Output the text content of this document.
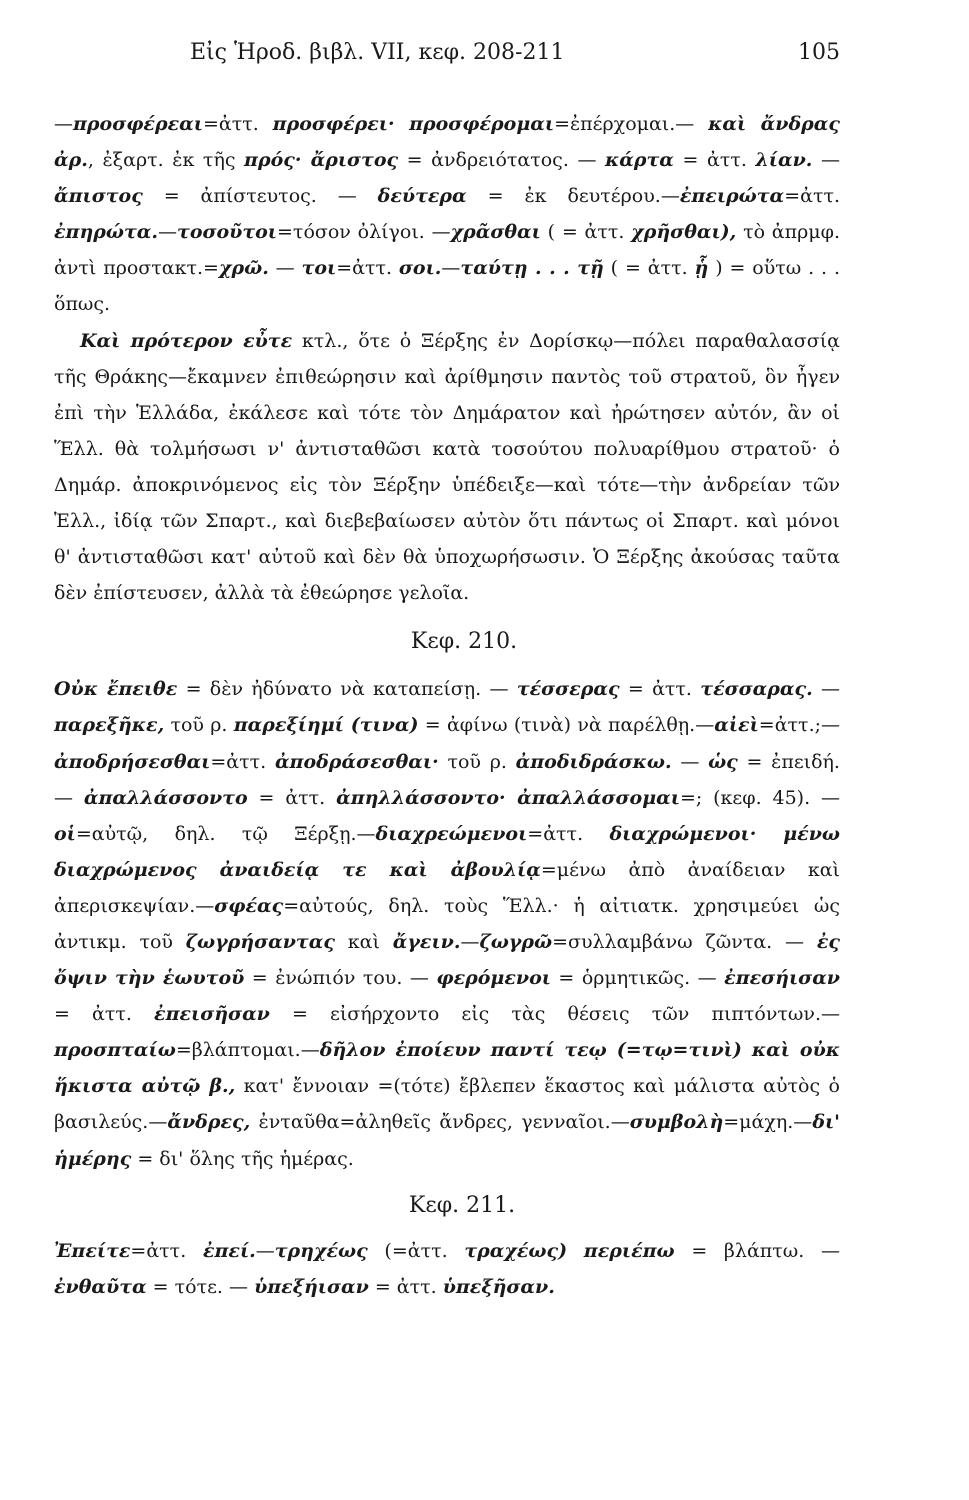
Εἰς Ἡροδ. βιβλ. VII, κεφ. 208-211	105

—προσφέρεαι=ἀττ. προσφέρει· προσφέρομαι=ἐπέρχομαι.— καὶ ἄνδρας ἀρ., ἐξαρτ. ἐκ τῆς πρός· ἄριστος = ἀνδρειότατος. — κάρτα = ἀττ. λίαν. — ἄπιστος = ἀπίστευτος. — δεύτερα = ἐκ δευτέρου.—ἐπειρώτα=ἀττ. ἐπηρώτα.—τοσοῦτοι=τόσον ὀλίγοι. —χρᾶσθαι ( = ἀττ. χρῆσθαι), τὸ ἀπρμφ. ἀντὶ προστακτ.=χρῶ. — τοι=ἀττ. σοι.—ταύτῃ . . . τῇ ( = ἀττ. ᾗ ) = οὕτω . . . ὅπως.

Καὶ πρότερον εὖτε κτλ., ὅτε ὁ Ξέρξης ἐν Δορίσκῳ—πόλει παραθαλασσίᾳ τῆς Θράκης—ἔκαμνεν ἐπιθεώρησιν καὶ ἀρίθμησιν παντὸς τοῦ στρατοῦ, ὃν ἦγεν ἐπὶ τὴν Ἑλλάδα, ἐκάλεσε καὶ τότε τὸν Δημάρατον καὶ ἠρώτησεν αὐτόν, ἂν οἱ Ἕλλ. θὰ τολμήσωσι ν' ἀντισταθῶσι κατὰ τοσούτου πολυαρίθμου στρατοῦ· ὁ Δημάρ. ἀποκρινόμενος εἰς τὸν Ξέρξην ὑπέδειξε—καὶ τότε—τὴν ἀνδρείαν τῶν Ἑλλ., ἰδίᾳ τῶν Σπαρτ., καὶ διεβεβαίωσεν αὐτὸν ὅτι πάντως οἱ Σπαρτ. καὶ μόνοι θ' ἀντισταθῶσι κατ' αὐτοῦ καὶ δὲν θὰ ὑποχωρήσωσιν. Ὁ Ξέρξης ἀκούσας ταῦτα δὲν ἐπίστευσεν, ἀλλὰ τὰ ἐθεώρησε γελοῖα.

Κεφ. 210.

Οὐκ ἔπειθε = δὲν ἠδύνατο νὰ καταπείσῃ. — τέσσερας = ἀττ. τέσσαρας. — παρεξῆκε, τοῦ ρ. παρεξίημί (τινα) = ἀφίνω (τινὰ) νὰ παρέλθῃ.—αἰεὶ=ἀττ.;—ἀποδρήσεσθαι=ἀττ. ἀποδράσεσθαι· τοῦ ρ. ἀποδιδράσκω. — ὡς = ἐπειδή. — ἀπαλλάσσοντο = ἀττ. ἀπηλλάσσοντο· ἀπαλλάσσομαι=; (κεφ. 45). —οἱ=αὐτῷ, δηλ. τῷ Ξέρξῃ.—διαχρεώμενοι=ἀττ. διαχρώμενοι· μένω διαχρώμενος ἀναιδείᾳ τε καὶ ἀβουλίᾳ=μένω ἀπὸ ἀναίδειαν καὶ ἀπερισκεψίαν.—σφέας=αὐτούς, δηλ. τοὺς Ἕλλ.· ἡ αἰτιατκ. χρησιμεύει ὡς ἀντικμ. τοῦ ζωγρήσαντας καὶ ἄγειν.—ζωγρῶ=συλλαμβάνω ζῶντα. — ἐς ὄψιν τὴν ἑωυτοῦ = ἐνώπιόν του. — φερόμενοι = ὁρμητικῶς. — ἐπεσήισαν = ἀττ. ἐπεισῆσαν = εἰσήρχοντο εἰς τὰς θέσεις τῶν πιπτόντων.—προσπταίω=βλάπτομαι.—δῆλον ἐποίευν παντί τεῳ (=τῳ=τινὶ) καὶ οὐκ ἥκιστα αὐτῷ β., κατ' ἔννοιαν =(τότε) ἔβλεπεν ἕκαστος καὶ μάλιστα αὐτὸς ὁ βασιλεύς.—ἄνδρες, ἐνταῦθα=ἀληθεῖς ἄνδρες, γενναῖοι.—συμβολὴ=μάχη.—δι' ἡμέρης = δι' ὅλης τῆς ἡμέρας.

Κεφ. 211.

Ἐπείτε=ἀττ. ἐπεί.—τρηχέως (=ἀττ. τραχέως) περιέπω = βλάπτω. — ἐνθαῦτα = τότε. — ὑπεξήισαν = ἀττ. ὑπεξῆσαν.
